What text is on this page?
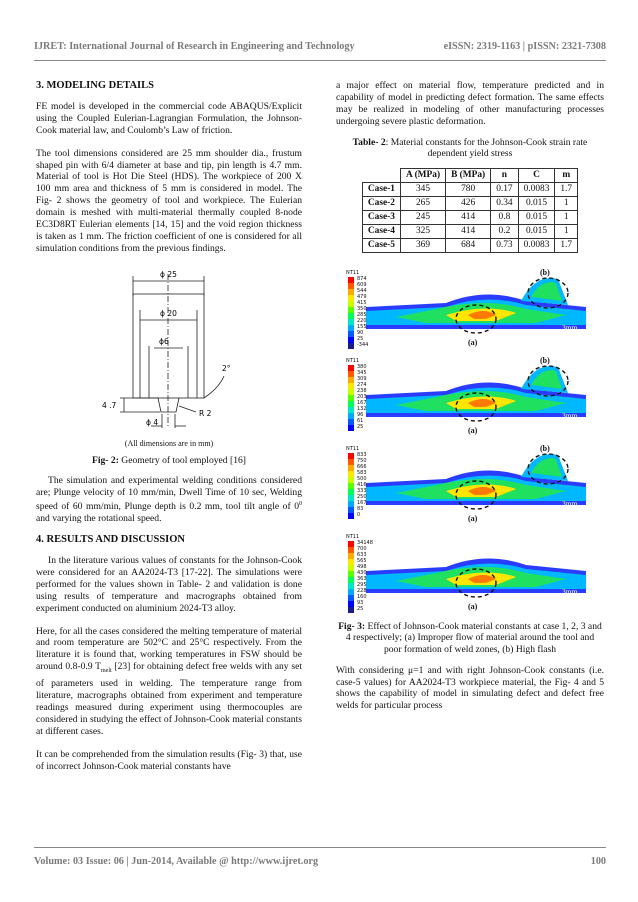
IJRET: International Journal of Research in Engineering and Technology	eISSN: 2319-1163 | pISSN: 2321-7308
3. MODELING DETAILS

FE model is developed in the commercial code ABAQUS/Explicit using the Coupled Eulerian-Lagrangian Formulation, the Johnson-Cook material law, and Coulomb’s Law of friction.

The tool dimensions considered are 25 mm shoulder dia., frustum shaped pin with 6/4 diameter at base and tip, pin length is 4.7 mm. Material of tool is Hot Die Steel (HDS). The workpiece of 200 X 100 mm area and thickness of 5 mm is considered in model. The Fig- 2 shows the geometry of tool and workpiece. The Eulerian domain is meshed with multi-material thermally coupled 8-node EC3D8RT Eulerian elements [14, 15] and the void region thickness is taken as 1 mm. The friction coefficient of one is considered for all simulation conditions from the previous findings.

ϕ 25
ϕ 20
ϕ6
ϕ 4
R 2
4 .7
2°
(All dimensions are in mm)
Fig- 2: Geometry of tool employed [16]

The simulation and experimental welding conditions considered are; Plunge velocity of 10 mm/min, Dwell Time of 10 sec, Welding speed of 60 mm/min, Plunge depth is 0.2 mm, tool tilt angle of $0^0$ and varying the rotational speed.

4. RESULTS AND DISCUSSION

In the literature various values of constants for the Johnson-Cook were considered for an AA2024-T3 [17-22]. The simulations were performed for the values shown in Table- 2 and validation is done using results of temperature and macrographs obtained from experiment conducted on aluminium 2024-T3 alloy.

Here, for all the cases considered the melting temperature of material and room temperature are 502°C and 25°C respectively. From the literature it is found that, working temperatures in FSW should be around 0.8-0.9 $T_{melt}$ [23] for obtaining defect free welds with any set of parameters used in welding. The temperature range from literature, macrographs obtained from experiment and temperature readings measured during experiment using thermocouples are considered in studying the effect of Johnson-Cook material constants at different cases.

It can be comprehended from the simulation results (Fig- 3) that, use of incorrect Johnson-Cook material constants have

a major effect on material flow, temperature predicted and in capability of model in predicting defect formation. The same effects may be realized in modeling of other manufacturing processes undergoing severe plastic deformation.

Table- 2: Material constants for the Johnson-Cook strain rate dependent yield stress
	A (MPa)	B (MPa)	n	C	m
Case-1	345	780	0.17	0.0083	1.7
Case-2	265	426	0.34	0.015	1
Case-3	245	414	0.8	0.015	1
Case-4	325	414	0.2	0.015	1
Case-5	369	684	0.73	0.0083	1.7
NT11
874
609
544
479
415
350
285
220
155
90
25
-344	(a)
(b)
3mm
NT11
380
345
309
274
238
203
167
132
96
61
25	(a)
(b)
3mm
NT11
833
750
666
583
500
416
333
250
167
83
0	(a)
(b)
3mm
NT11
34148
700
633
565
498
430
363
295
228
160
93
25	(a)
3mm
Fig- 3: Effect of Johnson-Cook material constants at case 1, 2, 3 and 4 respectively; (a) Improper flow of material around the tool and poor formation of weld zones, (b) High flash

With considering μ=1 and with right Johnson-Cook constants (i.e. case-5 values) for AA2024-T3 workpiece material, the Fig- 4 and 5 shows the capability of model in simulating defect and defect free welds for particular process

Volume: 03 Issue: 06 | Jun-2014, Available @ http://www.ijret.org	100
